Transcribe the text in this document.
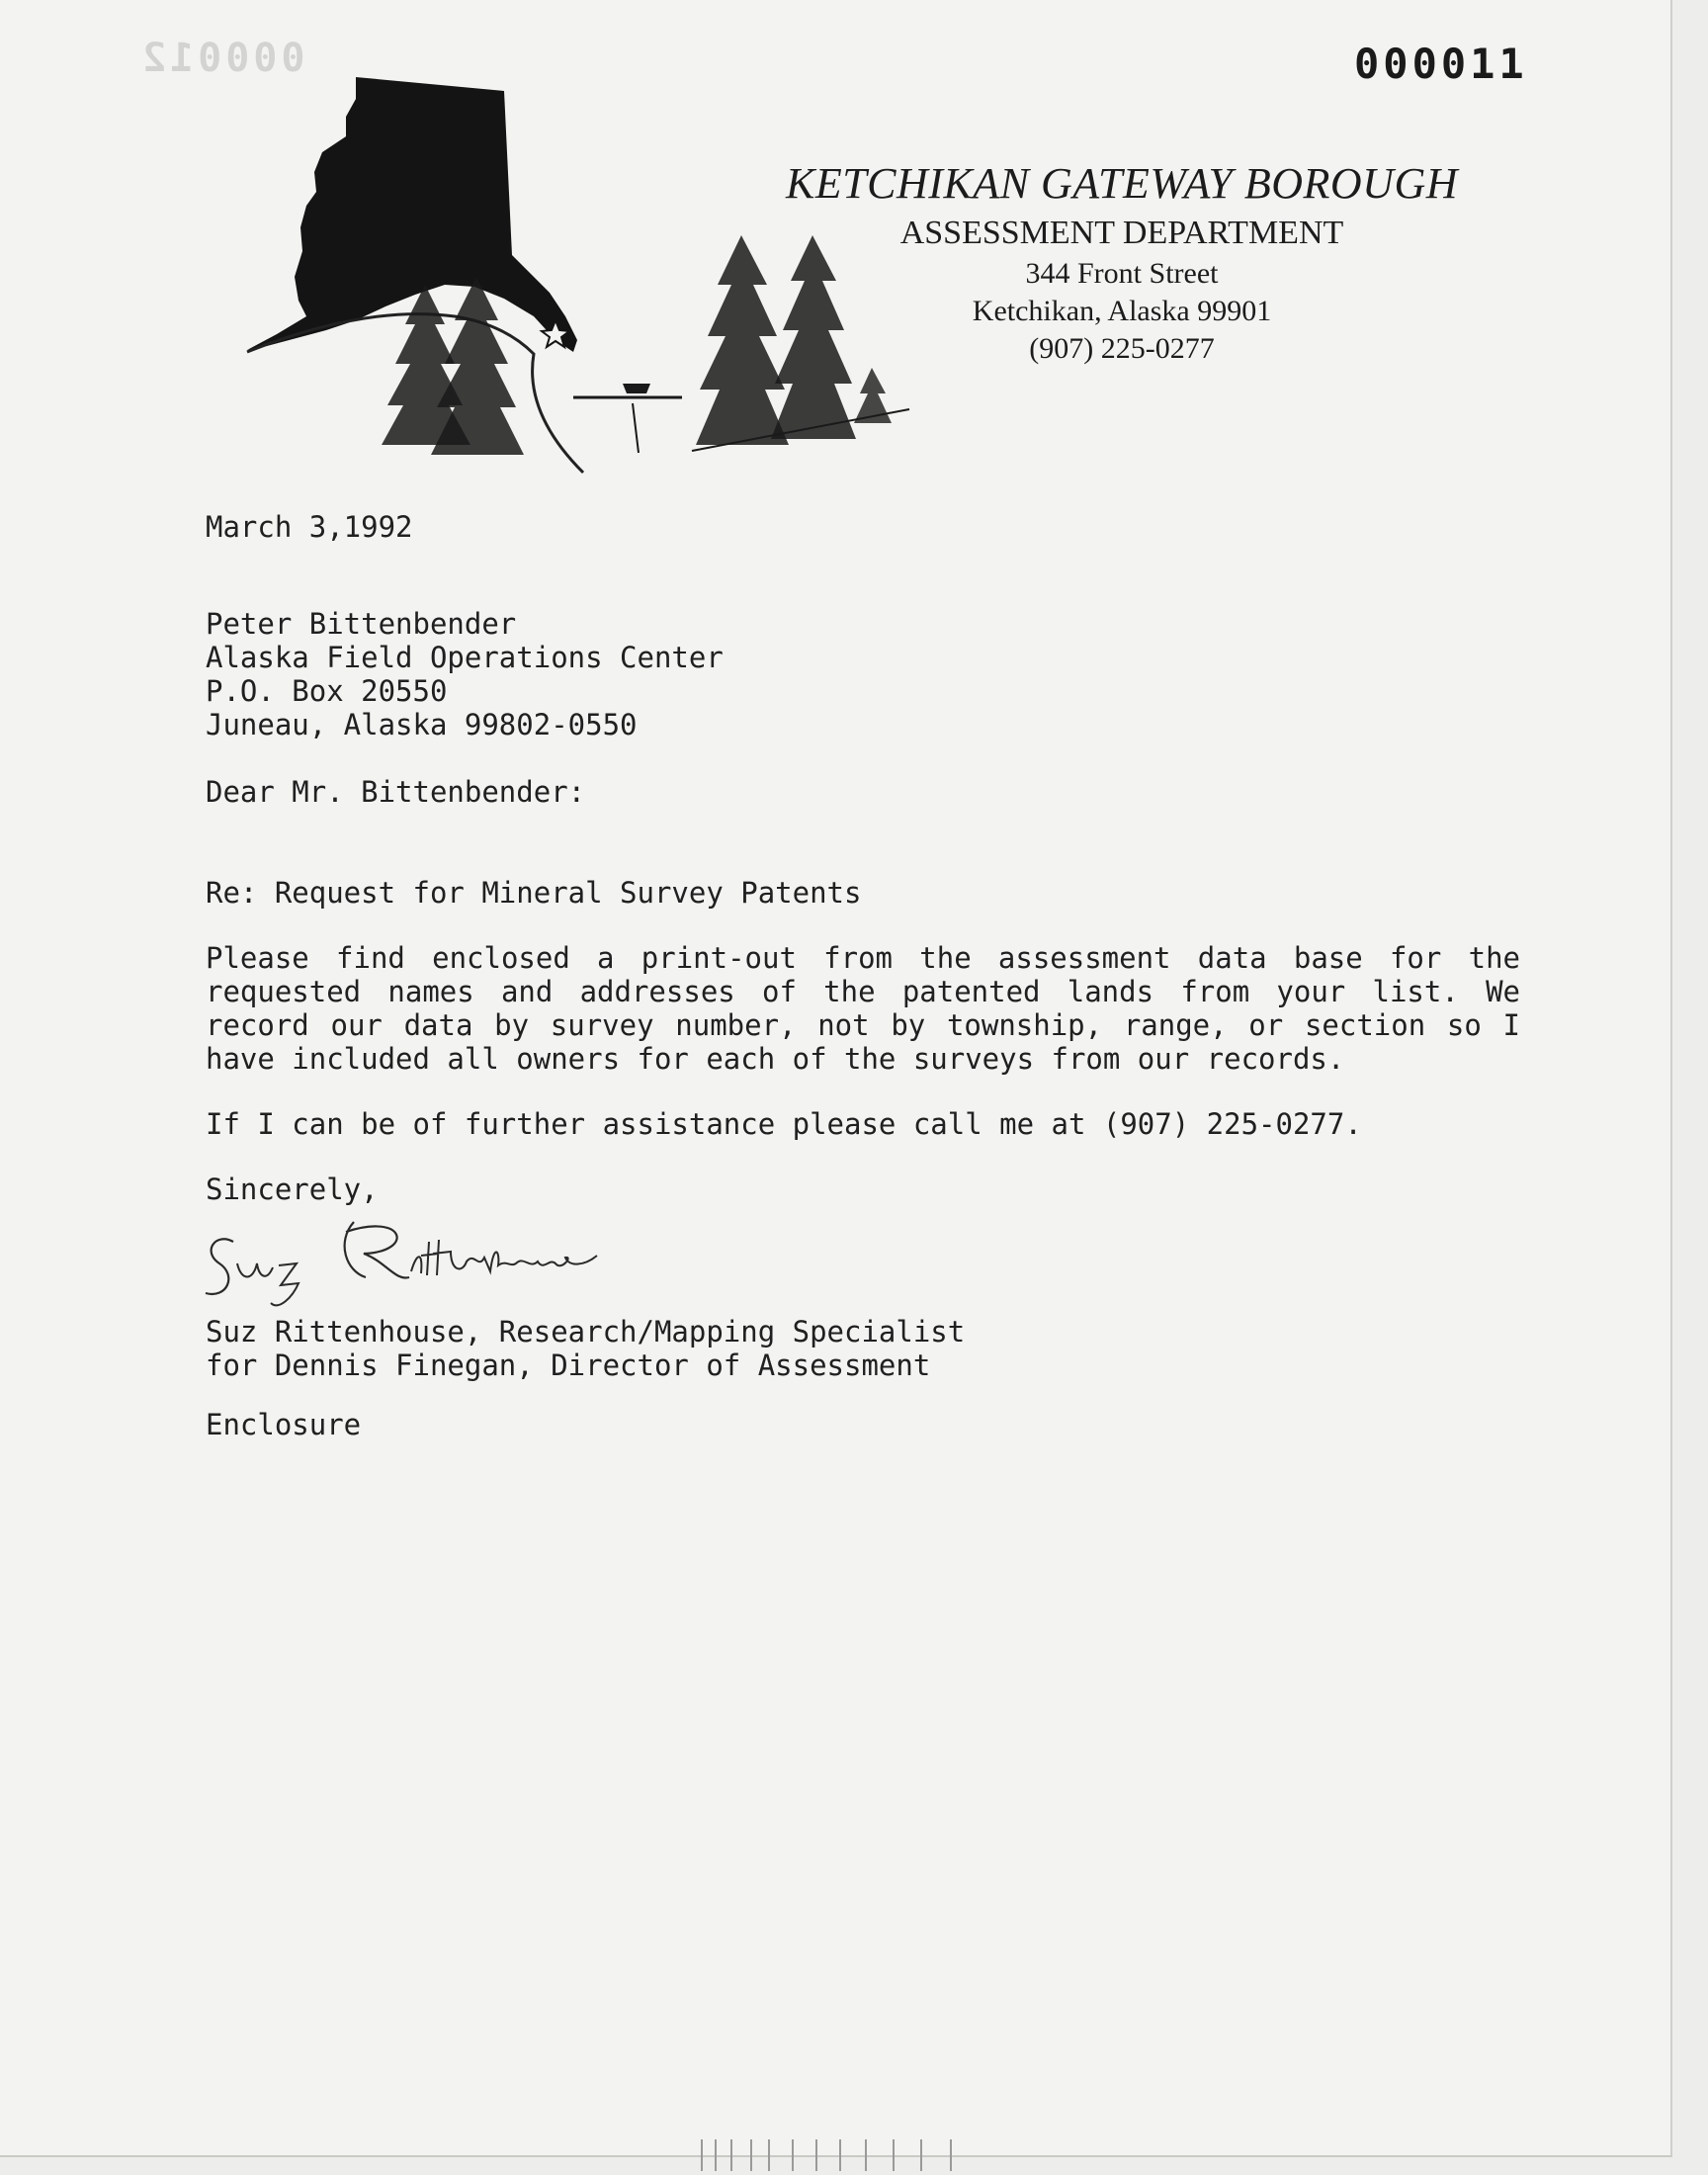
000012	000011
KETCHIKAN GATEWAY BOROUGH
ASSESSMENT DEPARTMENT
344 Front Street
Ketchikan, Alaska 99901
(907) 225-0277

March 3,1992

Peter Bittenbender
Alaska Field Operations Center
P.O. Box 20550
Juneau, Alaska 99802-0550

Dear Mr. Bittenbender:

Re: Request for Mineral Survey Patents

Please find enclosed a print-out from the assessment data base for the requested names and addresses of the patented lands from your list. We record our data by survey number, not by township, range, or section so I have included all owners for each of the surveys from our records.

If I can be of further assistance please call me at (907) 225-0277.

Sincerely,

Suz Rittenhouse, Research/Mapping Specialist

for Dennis Finegan, Director of Assessment

Enclosure
